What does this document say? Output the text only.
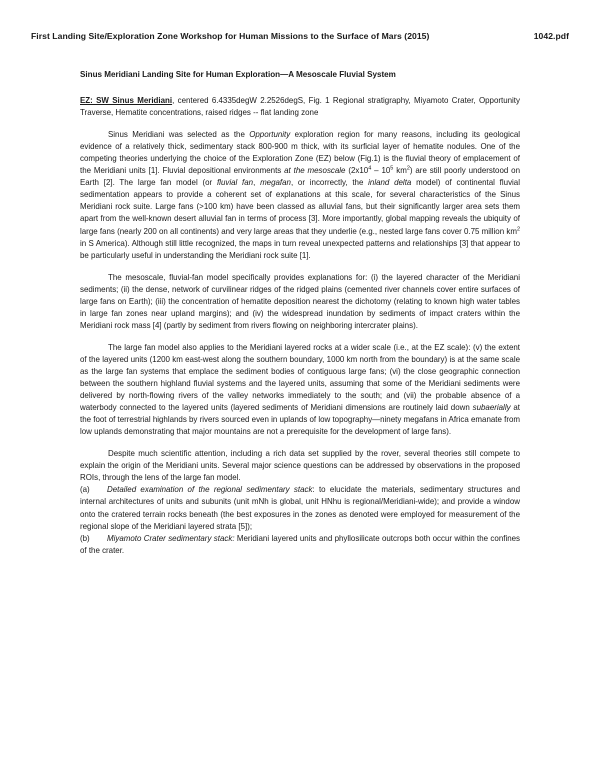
First Landing Site/Exploration Zone Workshop for Human Missions to the Surface of Mars (2015)	1042.pdf
Sinus Meridiani Landing Site for Human Exploration—A Mesoscale Fluvial System

EZ: SW Sinus Meridiani, centered 6.4335degW 2.2526degS, Fig. 1 Regional stratigraphy, Miyamoto Crater, Opportunity Traverse, Hematite concentrations, raised ridges -- flat landing zone

Sinus Meridiani was selected as the Opportunity exploration region for many reasons, including its geological evidence of a relatively thick, sedimentary stack 800-900 m thick, with its surficial layer of hematite nodules. One of the competing theories underlying the choice of the Exploration Zone (EZ) below (Fig.1) is the fluvial theory of emplacement of the Meridiani units [1]. Fluvial depositional environments at the mesoscale ($2x10^4 - 10^5$ $km^2$) are still poorly understood on Earth [2]. The large fan model (or fluvial fan, megafan, or incorrectly, the inland delta model) of continental fluvial sedimentation appears to provide a coherent set of explanations at this scale, for several characteristics of the Sinus Meridiani rock suite. Large fans (>100 km) have been classed as alluvial fans, but their significantly larger area sets them apart from the well-known desert alluvial fan in terms of process [3]. More importantly, global mapping reveals the ubiquity of large fans (nearly 200 on all continents) and very large areas that they underlie (e.g., nested large fans cover 0.75 million $km^2$ in S America). Although still little recognized, the maps in turn reveal unexpected patterns and relationships [3] that appear to be particularly useful in understanding the Meridiani rock suite [1].

The mesoscale, fluvial-fan model specifically provides explanations for: (i) the layered character of the Meridiani sediments; (ii) the dense, network of curvilinear ridges of the ridged plains (cemented river channels cover entire surfaces of large fans on Earth); (iii) the concentration of hematite deposition nearest the dichotomy (relating to known high water tables in large fan zones near upland margins); and (iv) the widespread inundation by sediments of impact craters within the Meridiani rock mass [4] (partly by sediment from rivers flowing on neighboring intercrater plains).

The large fan model also applies to the Meridiani layered rocks at a wider scale (i.e., at the EZ scale): (v) the extent of the layered units (1200 km east-west along the southern boundary, 1000 km north from the boundary) is at the same scale as the large fan systems that emplace the sediment bodies of contiguous large fans; (vi) the close geographic connection between the southern highland fluvial systems and the layered units, assuming that some of the Meridiani sediments were delivered by north-flowing rivers of the valley networks immediately to the south; and (vii) the probable absence of a waterbody connected to the layered units (layered sediments of Meridiani dimensions are routinely laid down subaerially at the foot of terrestrial highlands by rivers sourced even in uplands of low topography—ninety megafans in Africa emanate from low uplands demonstrating that major mountains are not a prerequisite for the development of large fans).

Despite much scientific attention, including a rich data set supplied by the rover, several theories still compete to explain the origin of the Meridiani units. Several major science questions can be addressed by observations in the proposed ROIs, through the lens of the large fan model.

(a) Detailed examination of the regional sedimentary stack: to elucidate the materials, sedimentary structures and internal architectures of units and subunits (unit mNh is global, unit HNhu is regional/Meridiani-wide); and provide a window onto the cratered terrain rocks beneath (the best exposures in the zones as denoted were employed for measurement of the regional slope of the Meridiani layered strata [5]);

(b) Miyamoto Crater sedimentary stack: Meridiani layered units and phyllosilicate outcrops both occur within the confines of the crater.
